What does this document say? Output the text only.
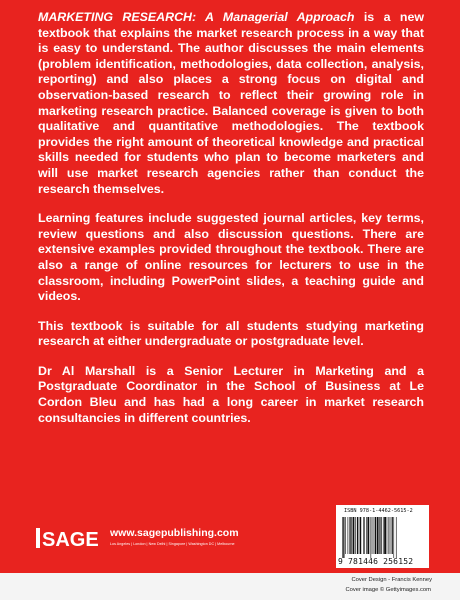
MARKETING RESEARCH: A Managerial Approach is a new textbook that explains the market research process in a way that is easy to understand. The author discusses the main elements (problem identification, methodologies, data collection, analysis, reporting) and also places a strong focus on digital and observation-based research to reflect their growing role in marketing research practice. Balanced coverage is given to both qualitative and quantitative methodologies. The textbook provides the right amount of theoretical knowledge and practical skills needed for students who plan to become marketers and will use market research agencies rather than conduct the research themselves.

Learning features include suggested journal articles, key terms, review questions and also discussion questions. There are extensive examples provided throughout the textbook. There are also a range of online resources for lecturers to use in the classroom, including PowerPoint slides, a teaching guide and videos.

This textbook is suitable for all students studying marketing research at either undergraduate or postgraduate level.

Dr Al Marshall is a Senior Lecturer in Marketing and a Postgraduate Coordinator in the School of Business at Le Cordon Bleu and has had a long career in market research consultancies in different countries.

SAGE www.sagepublishing.com
Los Angeles | London | New Delhi | Singapore | Washington DC | Melbourne
ISBN 978-1-4462-5615-2
9 781446 256152
Cover Design - Francis Kenney
Cover image © Gettyimages.com
